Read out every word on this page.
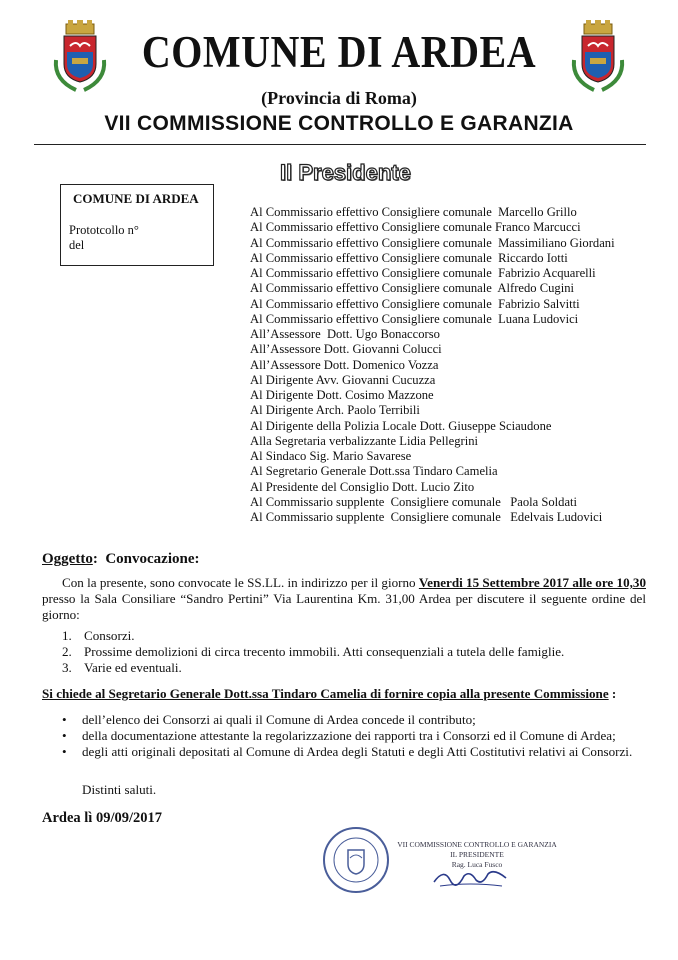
COMUNE DI ARDEA
(Provincia di Roma)
VII COMMISSIONE CONTROLLO E GARANZIA
Il Presidente
COMUNE DI ARDEA
Prototcollo n°
del
Al Commissario effettivo Consigliere comunale  Marcello Grillo
Al Commissario effettivo Consigliere comunale Franco Marcucci
Al Commissario effettivo Consigliere comunale  Massimiliano Giordani
Al Commissario effettivo Consigliere comunale  Riccardo Iotti
Al Commissario effettivo Consigliere comunale  Fabrizio Acquarelli
Al Commissario effettivo Consigliere comunale  Alfredo Cugini
Al Commissario effettivo Consigliere comunale  Fabrizio Salvitti
Al Commissario effettivo Consigliere comunale  Luana Ludovici
All’Assessore  Dott. Ugo Bonaccorso
All’Assessore Dott. Giovanni Colucci
All’Assessore Dott. Domenico Vozza
Al Dirigente Avv. Giovanni Cucuzza
Al Dirigente Dott. Cosimo Mazzone
Al Dirigente Arch. Paolo Terribili
Al Dirigente della Polizia Locale Dott. Giuseppe Sciaudone
Alla Segretaria verbalizzante Lidia Pellegrini
Al Sindaco Sig. Mario Savarese
Al Segretario Generale Dott.ssa Tindaro Camelia
Al Presidente del Consiglio Dott. Lucio Zito
Al Commissario supplente  Consigliere comunale   Paola Soldati
Al Commissario supplente  Consigliere comunale   Edelvais Ludovici
Oggetto: Convocazione:
Con la presente, sono convocate le SS.LL. in indirizzo per il giorno Venerdi 15 Settembre 2017 alle ore 10,30 presso la Sala Consiliare “Sandro Pertini” Via Laurentina Km. 31,00 Ardea per discutere il seguente ordine del giorno:
1. Consorzi.
2. Prossime demolizioni di circa trecento immobili. Atti consequenziali a tutela delle famiglie.
3. Varie ed eventuali.
Si chiede al Segretario Generale Dott.ssa Tindaro Camelia di fornire copia alla presente Commissione :
• dell’elenco dei Consorzi ai quali il Comune di Ardea concede il contributo;
• della documentazione attestante la regolarizzazione dei rapporti tra i Consorzi ed il Comune di Ardea;
• degli atti originali depositati al Comune di Ardea degli Statuti e degli Atti Costitutivi relativi ai Consorzi.
Distinti saluti.
Ardea lì 09/09/2017
VII COMMISSIONE CONTROLLO E GARANZIA
IL PRESIDENTE
Rag. Luca Fusco
